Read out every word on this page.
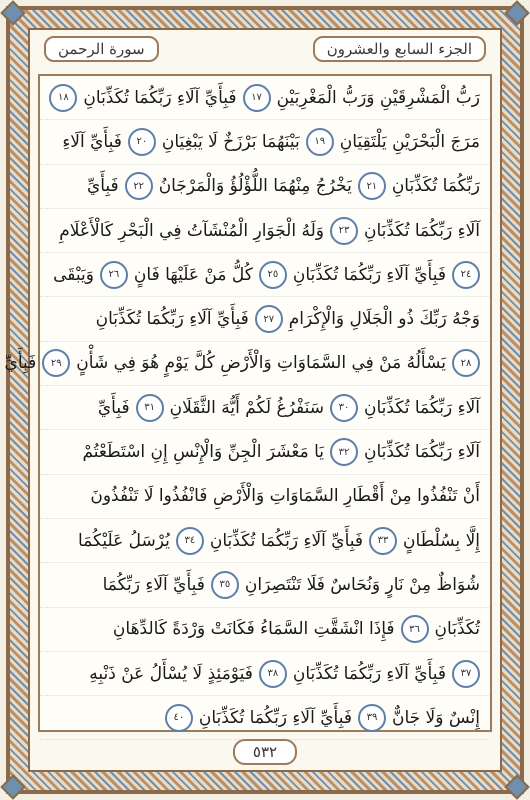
سورة الرحمن	الجزء السابع والعشرون
رَبُّ الْمَشْرِقَيْنِ وَرَبُّ الْمَغْرِبَيْنِ
١٧
فَبِأَيِّ آلَاءِ رَبِّكُمَا تُكَذِّبَانِ
١٨
مَرَجَ الْبَحْرَيْنِ يَلْتَقِيَانِ
١٩
بَيْنَهُمَا بَرْزَخٌ لَا يَبْغِيَانِ
٢٠
فَبِأَيِّ آلَاءِ
رَبِّكُمَا تُكَذِّبَانِ
٢١
يَخْرُجُ مِنْهُمَا اللُّؤْلُؤُ وَالْمَرْجَانُ
٢٢
فَبِأَيِّ
آلَاءِ رَبِّكُمَا تُكَذِّبَانِ
٢٣
وَلَهُ الْجَوَارِ الْمُنْشَآتُ فِي الْبَحْرِ كَالْأَعْلَامِ
٢٤
فَبِأَيِّ آلَاءِ رَبِّكُمَا تُكَذِّبَانِ
٢٥
كُلُّ مَنْ عَلَيْهَا فَانٍ
٢٦
وَيَبْقَى
وَجْهُ رَبِّكَ ذُو الْجَلَالِ وَالْإِكْرَامِ
٢٧
فَبِأَيِّ آلَاءِ رَبِّكُمَا تُكَذِّبَانِ
٢٨
يَسْأَلُهُ مَنْ فِي السَّمَاوَاتِ وَالْأَرْضِ كُلَّ يَوْمٍ هُوَ فِي شَأْنٍ
٢٩
فَبِأَيِّ
آلَاءِ رَبِّكُمَا تُكَذِّبَانِ
٣٠
سَنَفْرُغُ لَكُمْ أَيُّهَ الثَّقَلَانِ
٣١
فَبِأَيِّ
آلَاءِ رَبِّكُمَا تُكَذِّبَانِ
٣٢
يَا مَعْشَرَ الْجِنِّ وَالْإِنْسِ إِنِ اسْتَطَعْتُمْ
أَنْ تَنْفُذُوا مِنْ أَقْطَارِ السَّمَاوَاتِ وَالْأَرْضِ فَانْفُذُوا لَا تَنْفُذُونَ
إِلَّا بِسُلْطَانٍ
٣٣
فَبِأَيِّ آلَاءِ رَبِّكُمَا تُكَذِّبَانِ
٣٤
يُرْسَلُ عَلَيْكُمَا
شُوَاظٌ مِنْ نَارٍ وَنُحَاسٌ فَلَا تَنْتَصِرَانِ
٣٥
فَبِأَيِّ آلَاءِ رَبِّكُمَا
تُكَذِّبَانِ
٣٦
فَإِذَا انْشَقَّتِ السَّمَاءُ فَكَانَتْ وَرْدَةً كَالدِّهَانِ
٣٧
فَبِأَيِّ آلَاءِ رَبِّكُمَا تُكَذِّبَانِ
٣٨
فَيَوْمَئِذٍ لَا يُسْأَلُ عَنْ ذَنْبِهِ
إِنْسٌ وَلَا جَانٌّ
٣٩
فَبِأَيِّ آلَاءِ رَبِّكُمَا تُكَذِّبَانِ
٤٠
٥٣٢
